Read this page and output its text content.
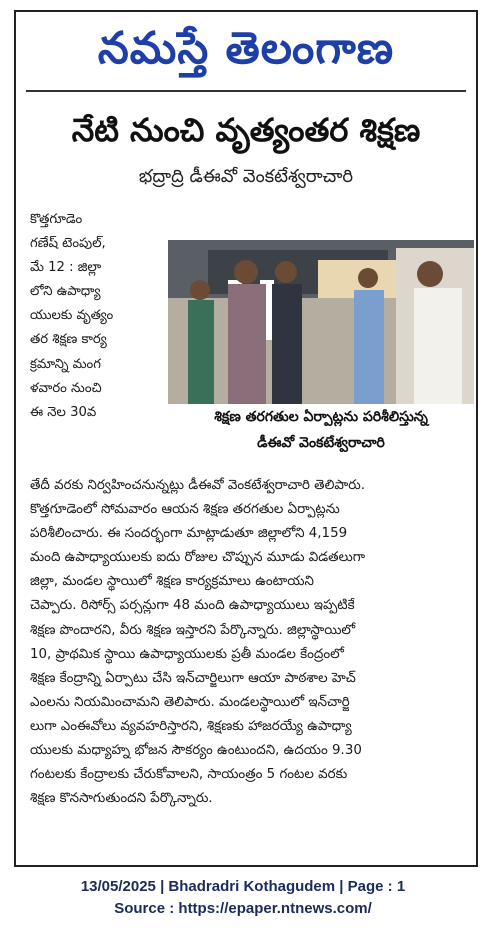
నమస్తే తెలంగాణ
నేటి నుంచి వృత్యంతర శిక్షణ
భద్రాద్రి డీఈవో వెంకటేశ్వరాచారి
కొత్తగూడెం
గణేష్ టెంపుల్,
మే 12 : జిల్లా
లోని ఉపాధ్యా
యులకు వృత్యం
తర శిక్షణ కార్య
క్రమాన్ని మంగ
ళవారం నుంచి
ఈ నెల 30వ	శిక్షణ తరగతుల ఏర్పాట్లను పరిశీలిస్తున్న
డీఈవో వెంకటేశ్వరాచారి
తేదీ వరకు నిర్వహించనున్నట్లు డీఈవో వెంకటేశ్వరాచారి తెలిపారు.
కొత్తగూడెంలో సోమవారం ఆయన శిక్షణ తరగతుల ఏర్పాట్లను
పరిశీలించారు. ఈ సందర్భంగా మాట్లాడుతూ జిల్లాలోని 4,159
మంది ఉపాధ్యాయులకు ఐదు రోజుల చొప్పున మూడు విడతలుగా
జిల్లా, మండల స్థాయిలో శిక్షణ కార్యక్రమాలు ఉంటాయని
చెప్పారు. రిసోర్స్ పర్సన్లుగా 48 మంది ఉపాధ్యాయులు ఇప్పటికే
శిక్షణ పొందారని, వీరు శిక్షణ ఇస్తారని పేర్కొన్నారు. జిల్లాస్థాయిలో
10, ప్రాథమిక స్థాయి ఉపాధ్యాయులకు ప్రతీ మండల కేంద్రంలో
శిక్షణ కేంద్రాన్ని ఏర్పాటు చేసి ఇన్‌చార్జిలుగా ఆయా పాఠశాల హెచ్
ఎంలను నియమించామని తెలిపారు. మండలస్థాయిలో ఇన్‌చార్జి
లుగా ఎంఈవోలు వ్యవహరిస్తారని, శిక్షణకు హాజరయ్యే ఉపాధ్యా
యులకు మధ్యాహ్న భోజన సౌకర్యం ఉంటుందని, ఉదయం 9.30
గంటలకు కేంద్రాలకు చేరుకోవాలని, సాయంత్రం 5 గంటల వరకు
శిక్షణ కొనసాగుతుందని పేర్కొన్నారు.
13/05/2025 | Bhadradri Kothagudem | Page : 1
Source : https://epaper.ntnews.com/
